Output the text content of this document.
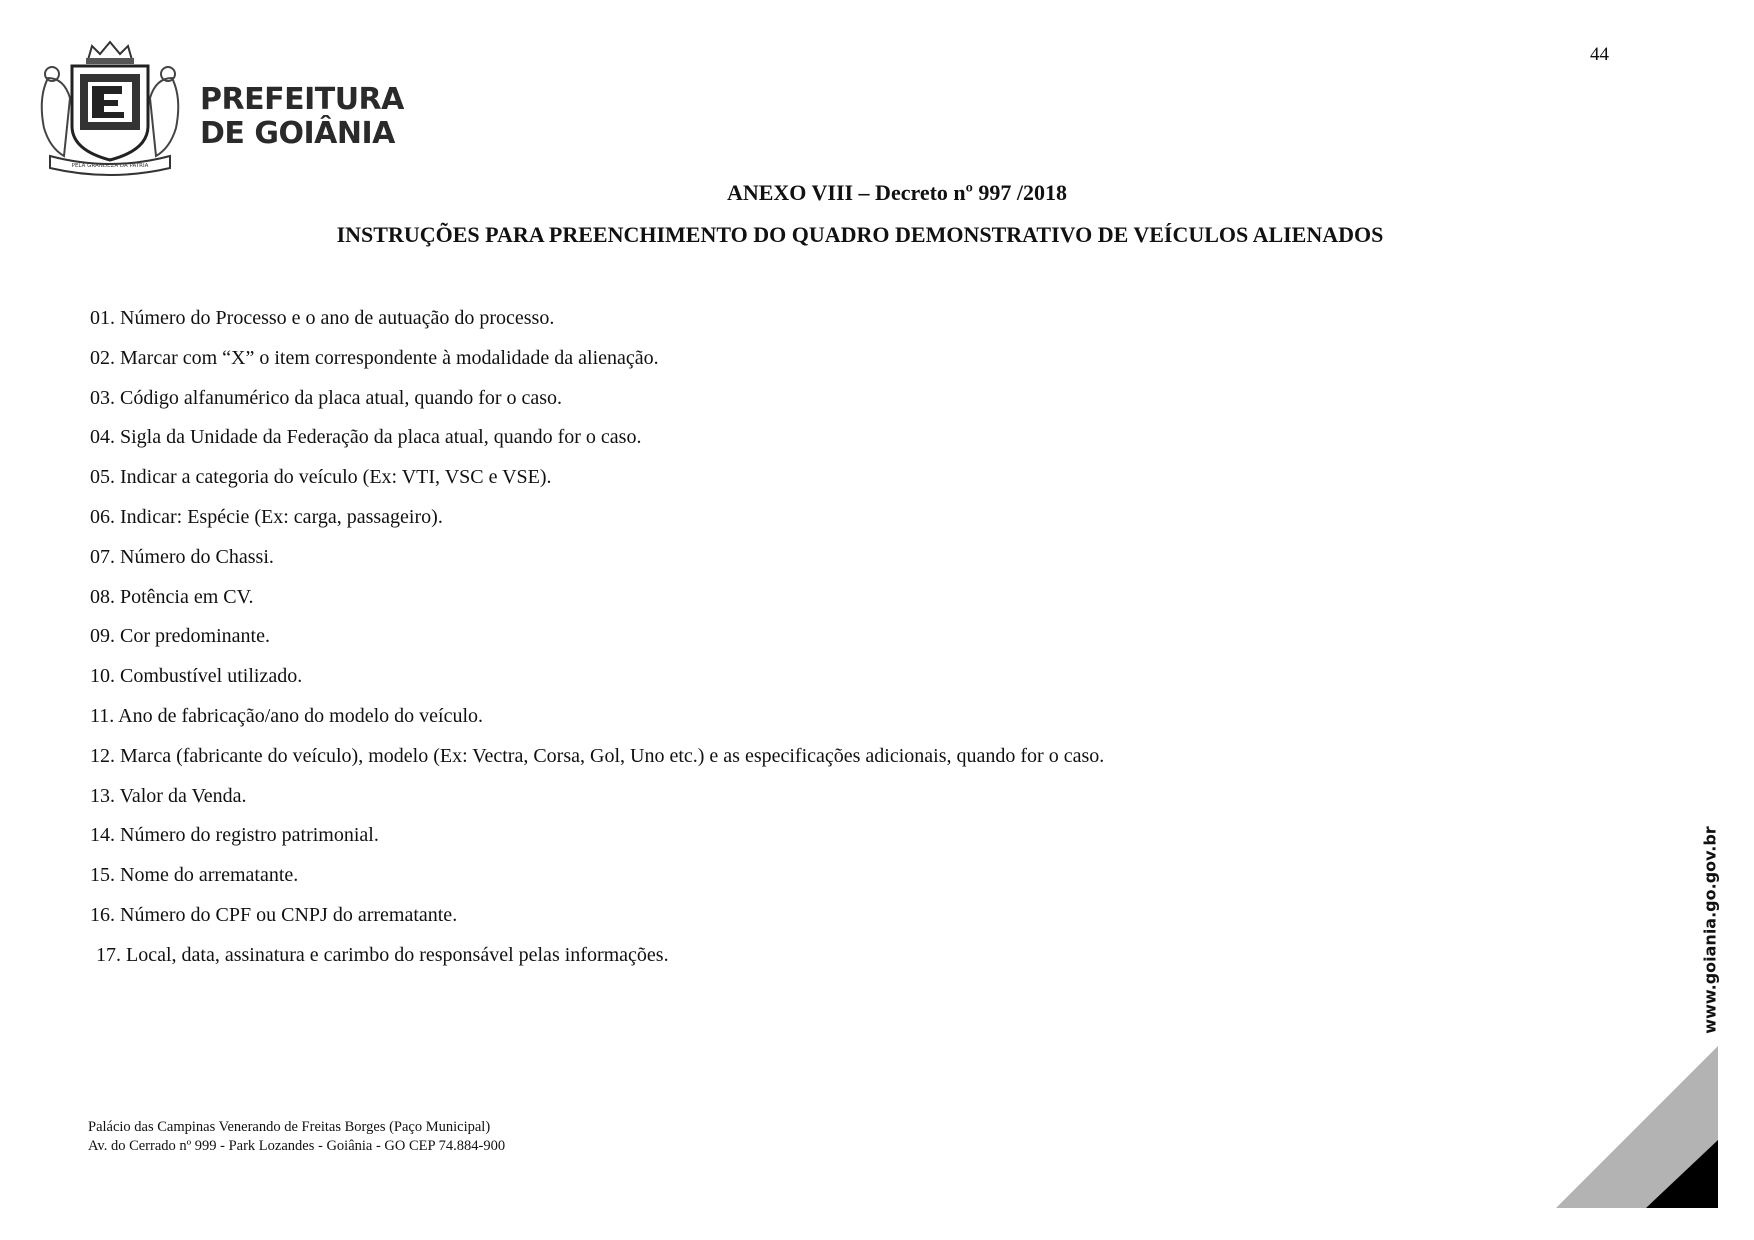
44
PELA GRANDEZA DA PÁTRIA
PREFEITURA
DE GOIÂNIA
ANEXO VIII – Decreto nº 997 /2018
INSTRUÇÕES PARA PREENCHIMENTO DO QUADRO DEMONSTRATIVO DE VEÍCULOS ALIENADOS
01. Número do Processo e o ano de autuação do processo.
02. Marcar com “X” o item correspondente à modalidade da alienação.
03. Código alfanumérico da placa atual, quando for o caso.
04. Sigla da Unidade da Federação da placa atual, quando for o caso.
05. Indicar a categoria do veículo (Ex: VTI, VSC e VSE).
06. Indicar: Espécie (Ex: carga, passageiro).
07. Número do Chassi.
08. Potência em CV.
09. Cor predominante.
10. Combustível utilizado.
11. Ano de fabricação/ano do modelo do veículo.
12. Marca (fabricante do veículo), modelo (Ex: Vectra, Corsa, Gol, Uno etc.) e as especificações adicionais, quando for o caso.
13. Valor da Venda.
14. Número do registro patrimonial.
15. Nome do arrematante.
16. Número do CPF ou CNPJ do arrematante.
17. Local, data, assinatura e carimbo do responsável pelas informações.
Palácio das Campinas Venerando de Freitas Borges (Paço Municipal)
Av. do Cerrado nº 999 - Park Lozandes - Goiânia - GO CEP 74.884-900
www.goiania.go.gov.br
